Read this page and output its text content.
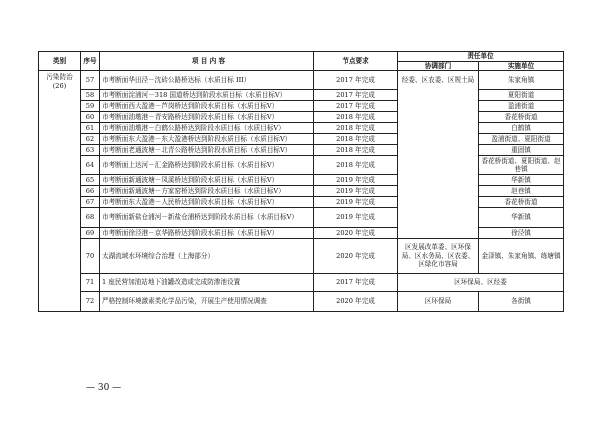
类别	序号	项 目 内 容	节点要求	责任单位	
				协调部门	实施单位
污染防治(26)	57	市考断面华田泾－沈砖公路桥达标（水质目标 III）	2017 年完成	经委、区农委、区规土局	朱家角镇
	58	市考断面淀浦河－318 国道桥达到阶段水质目标（水质目标Ⅴ）	2017 年完成		夏阳街道
	59	市考断面西大盈港－芦岗桥达到阶段水质目标（水质目标Ⅴ）	2017 年完成		盈浦街道
	60	市考断面油墩港－青安路桥达到阶段水质目标（水质目标Ⅴ）	2018 年完成		香花桥街道
	61	市考断面油墩港－白鹤公路桥达到阶段水质目标（水质目标Ⅴ）	2018 年完成		白鹤镇
	62	市考断面东大盈港－东大盈港桥达到阶段水质目标（水质目标Ⅴ）	2018 年完成		盈浦街道、夏阳街道
	63	市考断面老通波塘－北青公路桥达到阶段水质目标（水质目标Ⅴ）	2018 年完成		重固镇
	64	市考断面上达河－汇金路桥达到阶段水质目标（水质目标Ⅴ）	2018 年完成		香花桥街道、夏阳街道、赵巷镇
	65	市考断面新通波塘－凤溪桥达到阶段水质目标（水质目标Ⅴ）	2019 年完成		华新镇
	66	市考断面新通波塘－方家窑桥达到阶段水质目标（水质目标Ⅴ）	2019 年完成		赵巷镇
	67	市考断面东大盈港－人民桥达到阶段水质目标（水质目标Ⅴ）	2019 年完成		香花桥街道
	68	市考断面新盐仓浦河－新盐仓浦桥达到阶段水质目标（水质目标Ⅴ）	2019 年完成		华新镇
	69	市考断面徐泾港－京华路桥达到阶段水质目标（水质目标Ⅴ）	2020 年完成		徐泾镇
	70	太湖流域水环境综合治理（上海部分）	2020 年完成	区发展改革委、区环保局、区水务局、区农委、区绿化市容局	金泽镇、朱家角镇、练塘镇
	71	1 座民营加油站地下油罐改造或完成防渗池设置	2017 年完成	区环保局、区经委	
	72	严格控制环境激素类化学品污染，开展生产使用情况调查	2020 年完成	区环保局	各街镇
— 30 —
